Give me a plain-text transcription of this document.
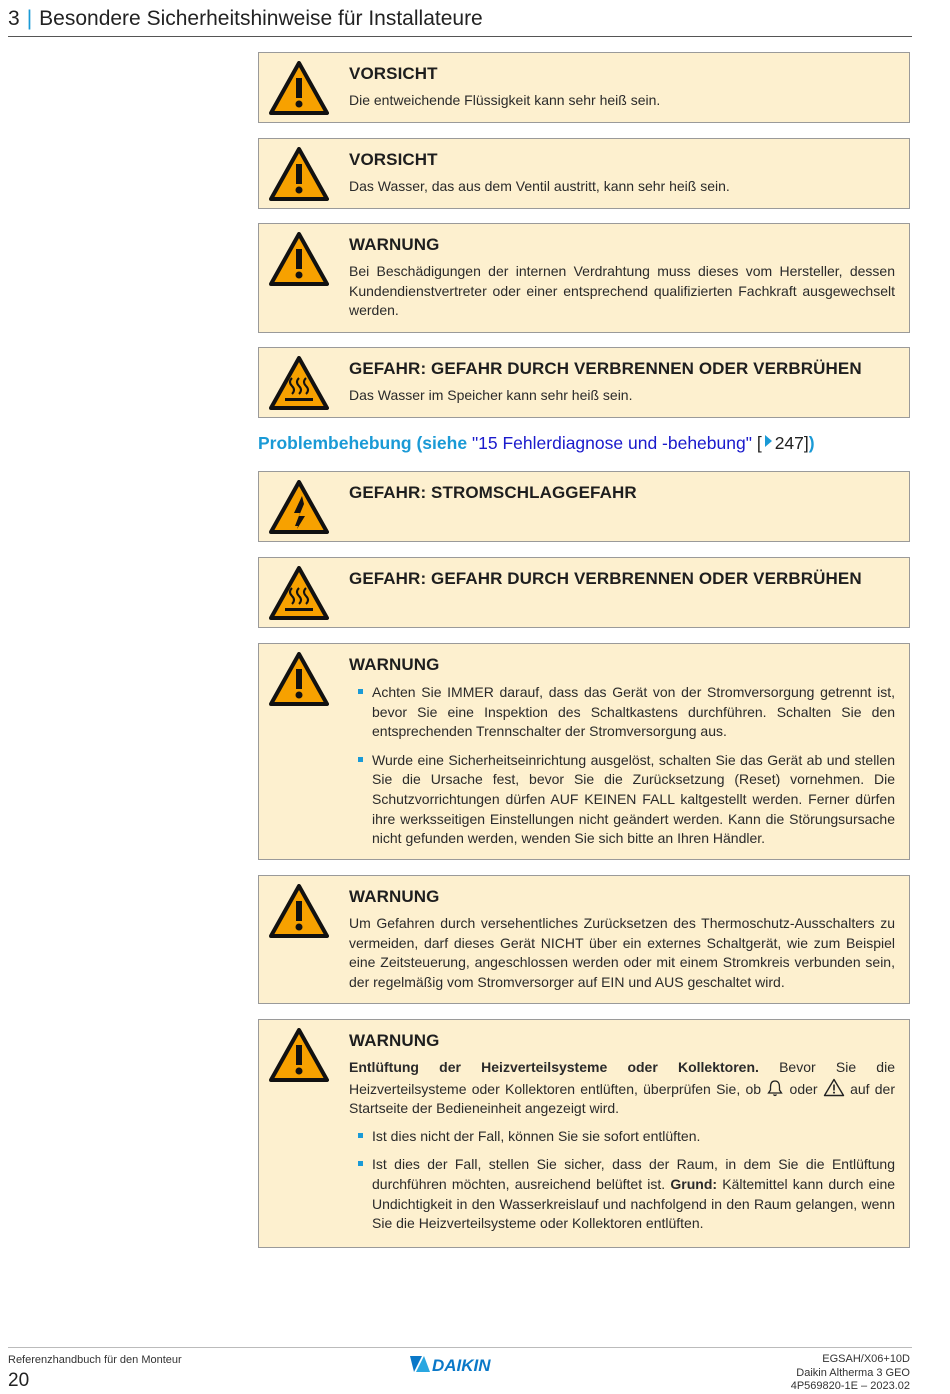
3 | Besondere Sicherheitshinweise für Installateure
VORSICHT
Die entweichende Flüssigkeit kann sehr heiß sein.
VORSICHT
Das Wasser, das aus dem Ventil austritt, kann sehr heiß sein.
WARNUNG
Bei Beschädigungen der internen Verdrahtung muss dieses vom Hersteller, dessen Kundendienstvertreter oder einer entsprechend qualifizierten Fachkraft ausgewechselt werden.
GEFAHR: GEFAHR DURCH VERBRENNEN ODER VERBRÜHEN
Das Wasser im Speicher kann sehr heiß sein.
Problembehebung (siehe "15 Fehlerdiagnose und -behebung" [ 247])
GEFAHR: STROMSCHLAGGEFAHR
GEFAHR: GEFAHR DURCH VERBRENNEN ODER VERBRÜHEN
WARNUNG
Achten Sie IMMER darauf, dass das Gerät von der Stromversorgung getrennt ist, bevor Sie eine Inspektion des Schaltkastens durchführen. Schalten Sie den entsprechenden Trennschalter der Stromversorgung aus.
Wurde eine Sicherheitseinrichtung ausgelöst, schalten Sie das Gerät ab und stellen Sie die Ursache fest, bevor Sie die Zurücksetzung (Reset) vornehmen. Die Schutzvorrichtungen dürfen AUF KEINEN FALL kaltgestellt werden. Ferner dürfen ihre werksseitigen Einstellungen nicht geändert werden. Kann die Störungsursache nicht gefunden werden, wenden Sie sich bitte an Ihren Händler.
WARNUNG
Um Gefahren durch versehentliches Zurücksetzen des Thermoschutz-Ausschalters zu vermeiden, darf dieses Gerät NICHT über ein externes Schaltgerät, wie zum Beispiel eine Zeitsteuerung, angeschlossen werden oder mit einem Stromkreis verbunden sein, der regelmäßig vom Stromversorger auf EIN und AUS geschaltet wird.
WARNUNG
Entlüftung der Heizverteilsysteme oder Kollektoren. Bevor Sie die Heizverteilsysteme oder Kollektoren entlüften, überprüfen Sie, ob oder auf der Startseite der Bedieneinheit angezeigt wird.
Ist dies nicht der Fall, können Sie sie sofort entlüften.
Ist dies der Fall, stellen Sie sicher, dass der Raum, in dem Sie die Entlüftung durchführen möchten, ausreichend belüftet ist. Grund: Kältemittel kann durch eine Undichtigkeit in den Wasserkreislauf und nachfolgend in den Raum gelangen, wenn Sie die Heizverteilsysteme oder Kollektoren entlüften.
Referenzhandbuch für den Monteur
20
DAIKIN	EGSAH/X06+10D
Daikin Altherma 3 GEO
4P569820-1E – 2023.02
